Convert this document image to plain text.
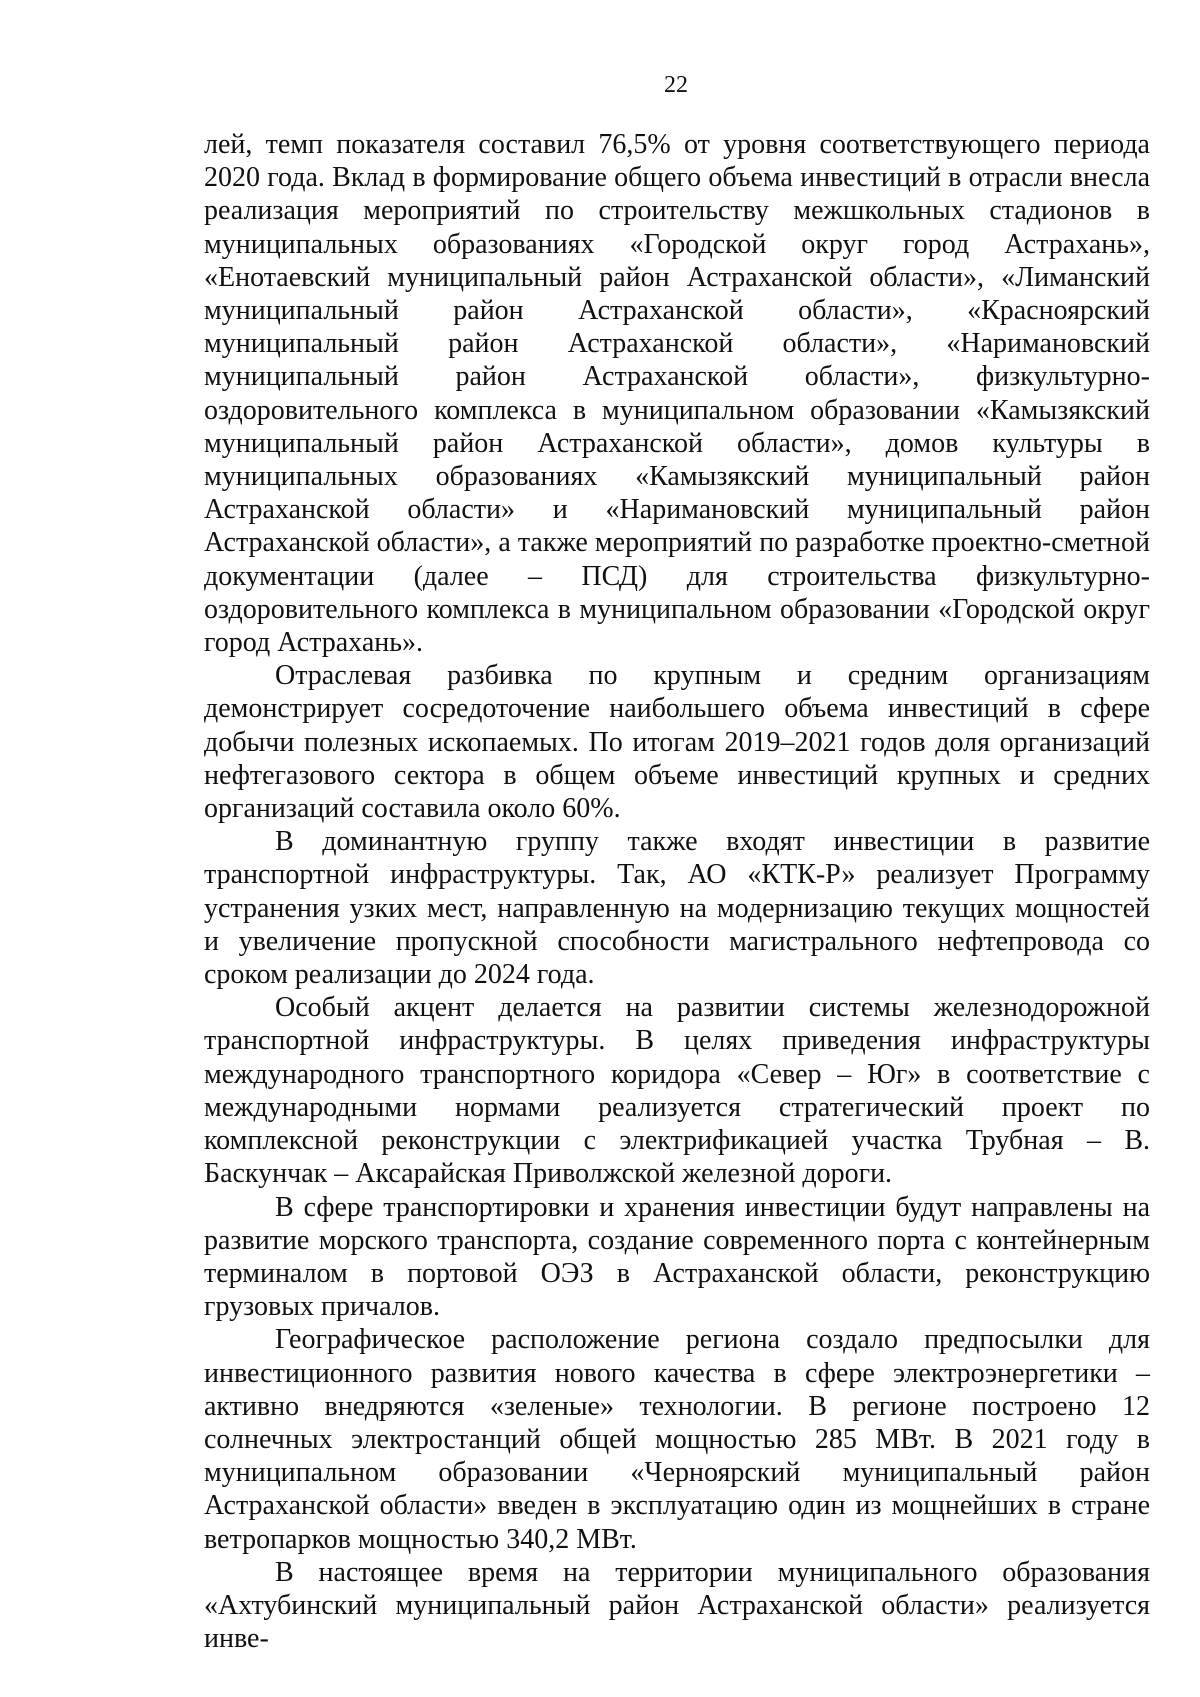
22

лей, темп показателя составил 76,5% от уровня соответствующего периода 2020 года. Вклад в формирование общего объема инвестиций в отрасли внесла реализация мероприятий по строительству межшкольных стадионов в муниципальных образованиях «Городской округ город Астрахань», «Енотаевский муниципальный район Астраханской области», «Лиманский муниципальный район Астраханской области», «Красноярский муниципальный район Астраханской области», «Наримановский муниципальный район Астраханской области», физкультурно-оздоровительного комплекса в муниципальном образовании «Камызякский муниципальный район Астраханской области», домов культуры в муниципальных образованиях «Камызякский муниципальный район Астраханской области» и «Наримановский муниципальный район Астраханской области», а также мероприятий по разработке проектно-сметной документации (далее – ПСД) для строительства физкультурно-оздоровительного комплекса в муниципальном образовании «Городской округ город Астрахань».

Отраслевая разбивка по крупным и средним организациям демонстрирует сосредоточение наибольшего объема инвестиций в сфере добычи полезных ископаемых. По итогам 2019–2021 годов доля организаций нефтегазового сектора в общем объеме инвестиций крупных и средних организаций составила около 60%.

В доминантную группу также входят инвестиции в развитие транспортной инфраструктуры. Так, АО «КТК-Р» реализует Программу устранения узких мест, направленную на модернизацию текущих мощностей и увеличение пропускной способности магистрального нефтепровода со сроком реализации до 2024 года.

Особый акцент делается на развитии системы железнодорожной транспортной инфраструктуры. В целях приведения инфраструктуры международного транспортного коридора «Север – Юг» в соответствие с международными нормами реализуется стратегический проект по комплексной реконструкции с электрификацией участка Трубная – В. Баскунчак – Аксарайская Приволжской железной дороги.

В сфере транспортировки и хранения инвестиции будут направлены на развитие морского транспорта, создание современного порта с контейнерным терминалом в портовой ОЭЗ в Астраханской области, реконструкцию грузовых причалов.

Географическое расположение региона создало предпосылки для инвестиционного развития нового качества в сфере электроэнергетики – активно внедряются «зеленые» технологии. В регионе построено 12 солнечных электростанций общей мощностью 285 МВт. В 2021 году в муниципальном образовании «Черноярский муниципальный район Астраханской области» введен в эксплуатацию один из мощнейших в стране ветропарков мощностью 340,2 МВт.

В настоящее время на территории муниципального образования «Ахтубинский муниципальный район Астраханской области» реализуется инве-
